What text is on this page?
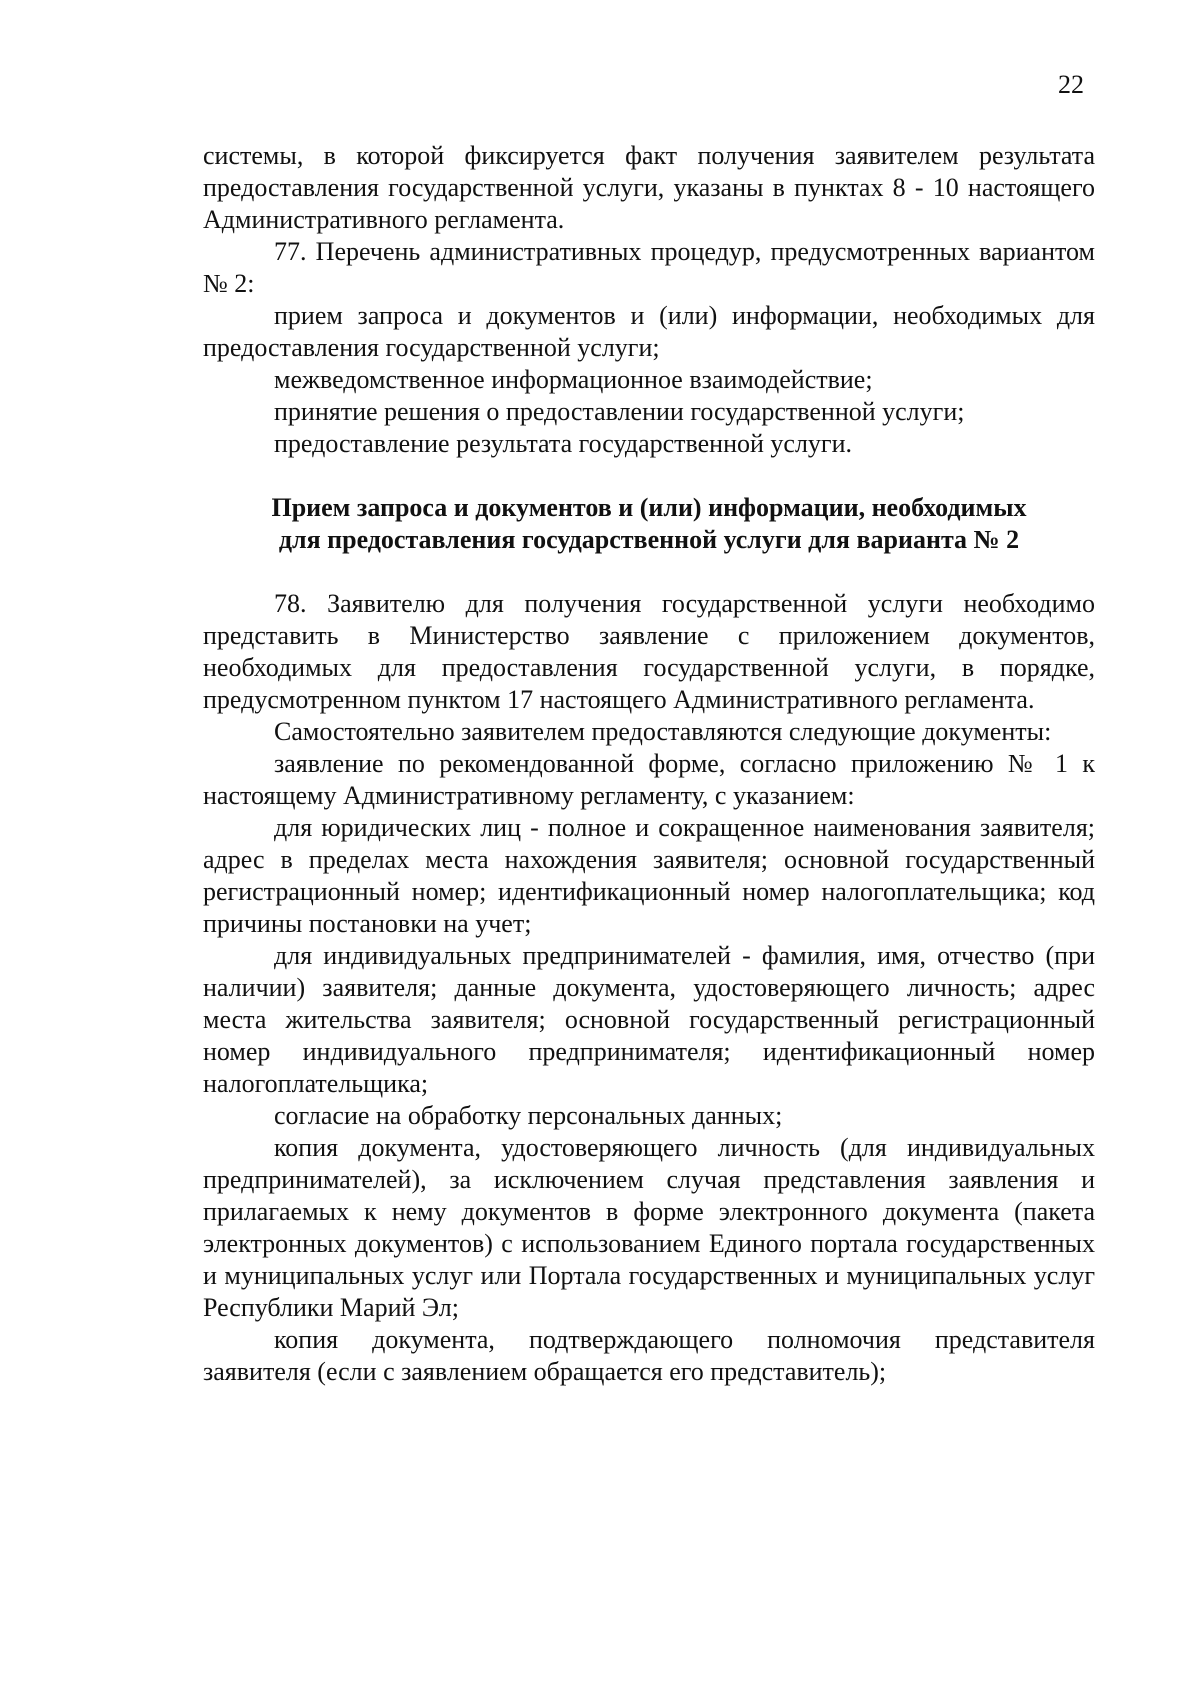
22

системы, в которой фиксируется факт получения заявителем результата предоставления государственной услуги, указаны в пунктах 8 - 10 настоящего Административного регламента.

77. Перечень административных процедур, предусмотренных вариантом № 2:

прием запроса и документов и (или) информации, необходимых для предоставления государственной услуги;

межведомственное информационное взаимодействие;

принятие решения о предоставлении государственной услуги;

предоставление результата государственной услуги.

Прием запроса и документов и (или) информации, необходимых
для предоставления государственной услуги для варианта № 2

78. Заявителю для получения государственной услуги необходимо представить в Министерство заявление с приложением документов, необходимых для предоставления государственной услуги, в порядке, предусмотренном пунктом 17 настоящего Административного регламента.

Самостоятельно заявителем предоставляются следующие документы:

заявление по рекомендованной форме, согласно приложению № 1 к настоящему Административному регламенту, с указанием:

для юридических лиц - полное и сокращенное наименования заявителя; адрес в пределах места нахождения заявителя; основной государственный регистрационный номер; идентификационный номер налогоплательщика; код причины постановки на учет;

для индивидуальных предпринимателей - фамилия, имя, отчество (при наличии) заявителя; данные документа, удостоверяющего личность; адрес места жительства заявителя; основной государственный регистрационный номер индивидуального предпринимателя; идентификационный номер налогоплательщика;

согласие на обработку персональных данных;

копия документа, удостоверяющего личность (для индивидуальных предпринимателей), за исключением случая представления заявления и прилагаемых к нему документов в форме электронного документа (пакета электронных документов) с использованием Единого портала государственных и муниципальных услуг или Портала государственных и муниципальных услуг Республики Марий Эл;

копия документа, подтверждающего полномочия представителя заявителя (если с заявлением обращается его представитель);
